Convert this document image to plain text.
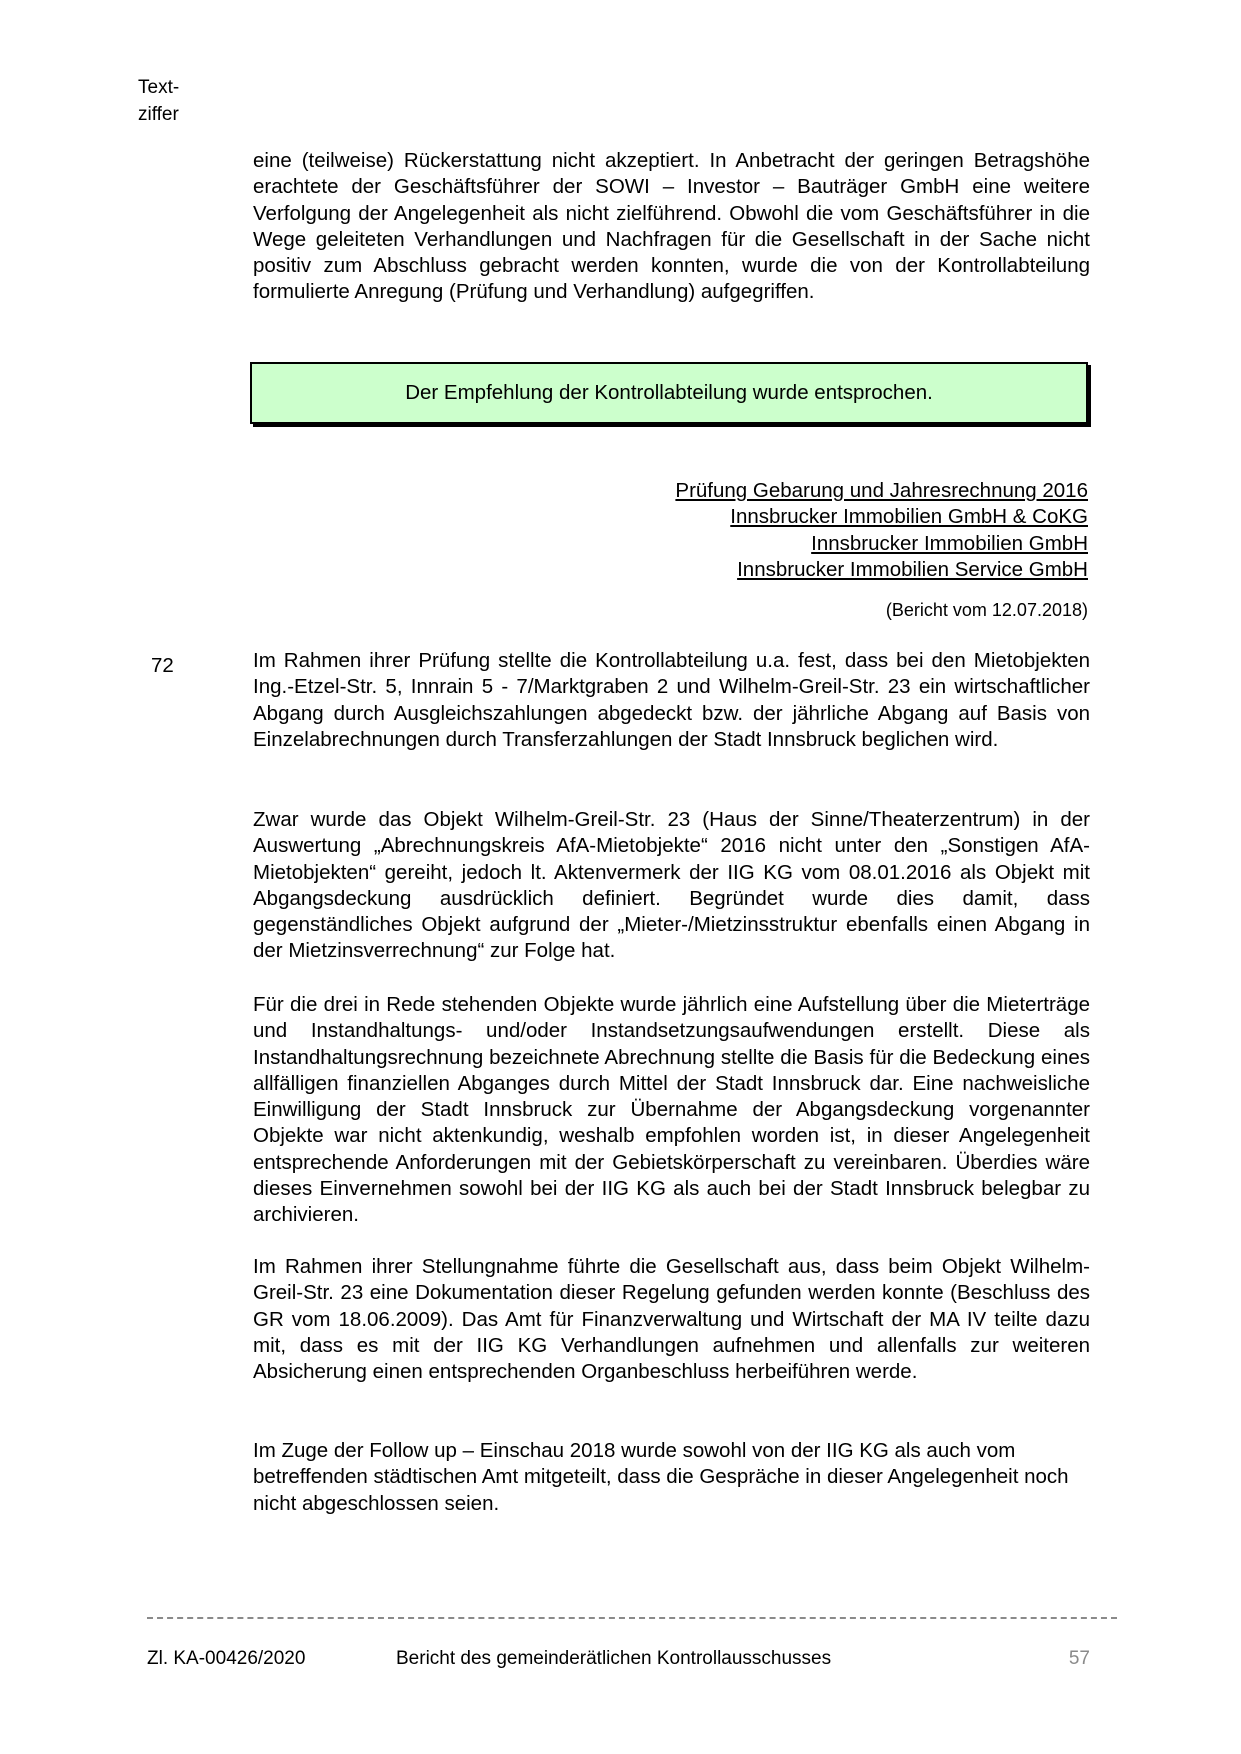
Text-
ziffer

eine (teilweise) Rückerstattung nicht akzeptiert. In Anbetracht der geringen Betragshöhe erachtete der Geschäftsführer der SOWI – Investor – Bauträger GmbH eine weitere Verfolgung der Angelegenheit als nicht zielführend. Obwohl die vom Geschäftsführer in die Wege geleiteten Verhandlungen und Nachfragen für die Gesellschaft in der Sache nicht positiv zum Abschluss gebracht werden konnten, wurde die von der Kontrollabteilung formulierte Anregung (Prüfung und Verhandlung) aufgegriffen.

Der Empfehlung der Kontrollabteilung wurde entsprochen.
Prüfung Gebarung und Jahresrechnung 2016
Innsbrucker Immobilien GmbH & CoKG
Innsbrucker Immobilien GmbH
Innsbrucker Immobilien Service GmbH
(Bericht vom 12.07.2018)
72	Im Rahmen ihrer Prüfung stellte die Kontrollabteilung u.a. fest, dass bei den Mietobjekten Ing.-Etzel-Str. 5, Innrain 5 - 7/Marktgraben 2 und Wilhelm-Greil-Str. 23 ein wirtschaftlicher Abgang durch Ausgleichszahlungen abgedeckt bzw. der jährliche Abgang auf Basis von Einzelabrechnungen durch Transferzahlungen der Stadt Innsbruck beglichen wird.

Zwar wurde das Objekt Wilhelm-Greil-Str. 23 (Haus der Sinne/Theaterzentrum) in der Auswertung „Abrechnungskreis AfA-Mietobjekte“ 2016 nicht unter den „Sonstigen AfA-Mietobjekten“ gereiht, jedoch lt. Aktenvermerk der IIG KG vom 08.01.2016 als Objekt mit Abgangsdeckung ausdrücklich definiert. Begründet wurde dies damit, dass gegenständliches Objekt aufgrund der „Mieter-/Mietzinsstruktur ebenfalls einen Abgang in der Mietzinsverrechnung“ zur Folge hat.

Für die drei in Rede stehenden Objekte wurde jährlich eine Aufstellung über die Mieterträge und Instandhaltungs- und/oder Instandsetzungsaufwendungen erstellt. Diese als Instandhaltungsrechnung bezeichnete Abrechnung stellte die Basis für die Bedeckung eines allfälligen finanziellen Abganges durch Mittel der Stadt Innsbruck dar. Eine nachweisliche Einwilligung der Stadt Innsbruck zur Übernahme der Abgangsdeckung vorgenannter Objekte war nicht aktenkundig, weshalb empfohlen worden ist, in dieser Angelegenheit entsprechende Anforderungen mit der Gebietskörperschaft zu vereinbaren. Überdies wäre dieses Einvernehmen sowohl bei der IIG KG als auch bei der Stadt Innsbruck belegbar zu archivieren.

Im Rahmen ihrer Stellungnahme führte die Gesellschaft aus, dass beim Objekt Wilhelm-Greil-Str. 23 eine Dokumentation dieser Regelung gefunden werden konnte (Beschluss des GR vom 18.06.2009). Das Amt für Finanzverwaltung und Wirtschaft der MA IV teilte dazu mit, dass es mit der IIG KG Verhandlungen aufnehmen und allenfalls zur weiteren Absicherung einen entsprechenden Organbeschluss herbeiführen werde.

Im Zuge der Follow up – Einschau 2018 wurde sowohl von der IIG KG als auch vom betreffenden städtischen Amt mitgeteilt, dass die Gespräche in dieser Angelegenheit noch nicht abgeschlossen seien.

Zl. KA-00426/2020	Bericht des gemeinderätlichen Kontrollausschusses	57
